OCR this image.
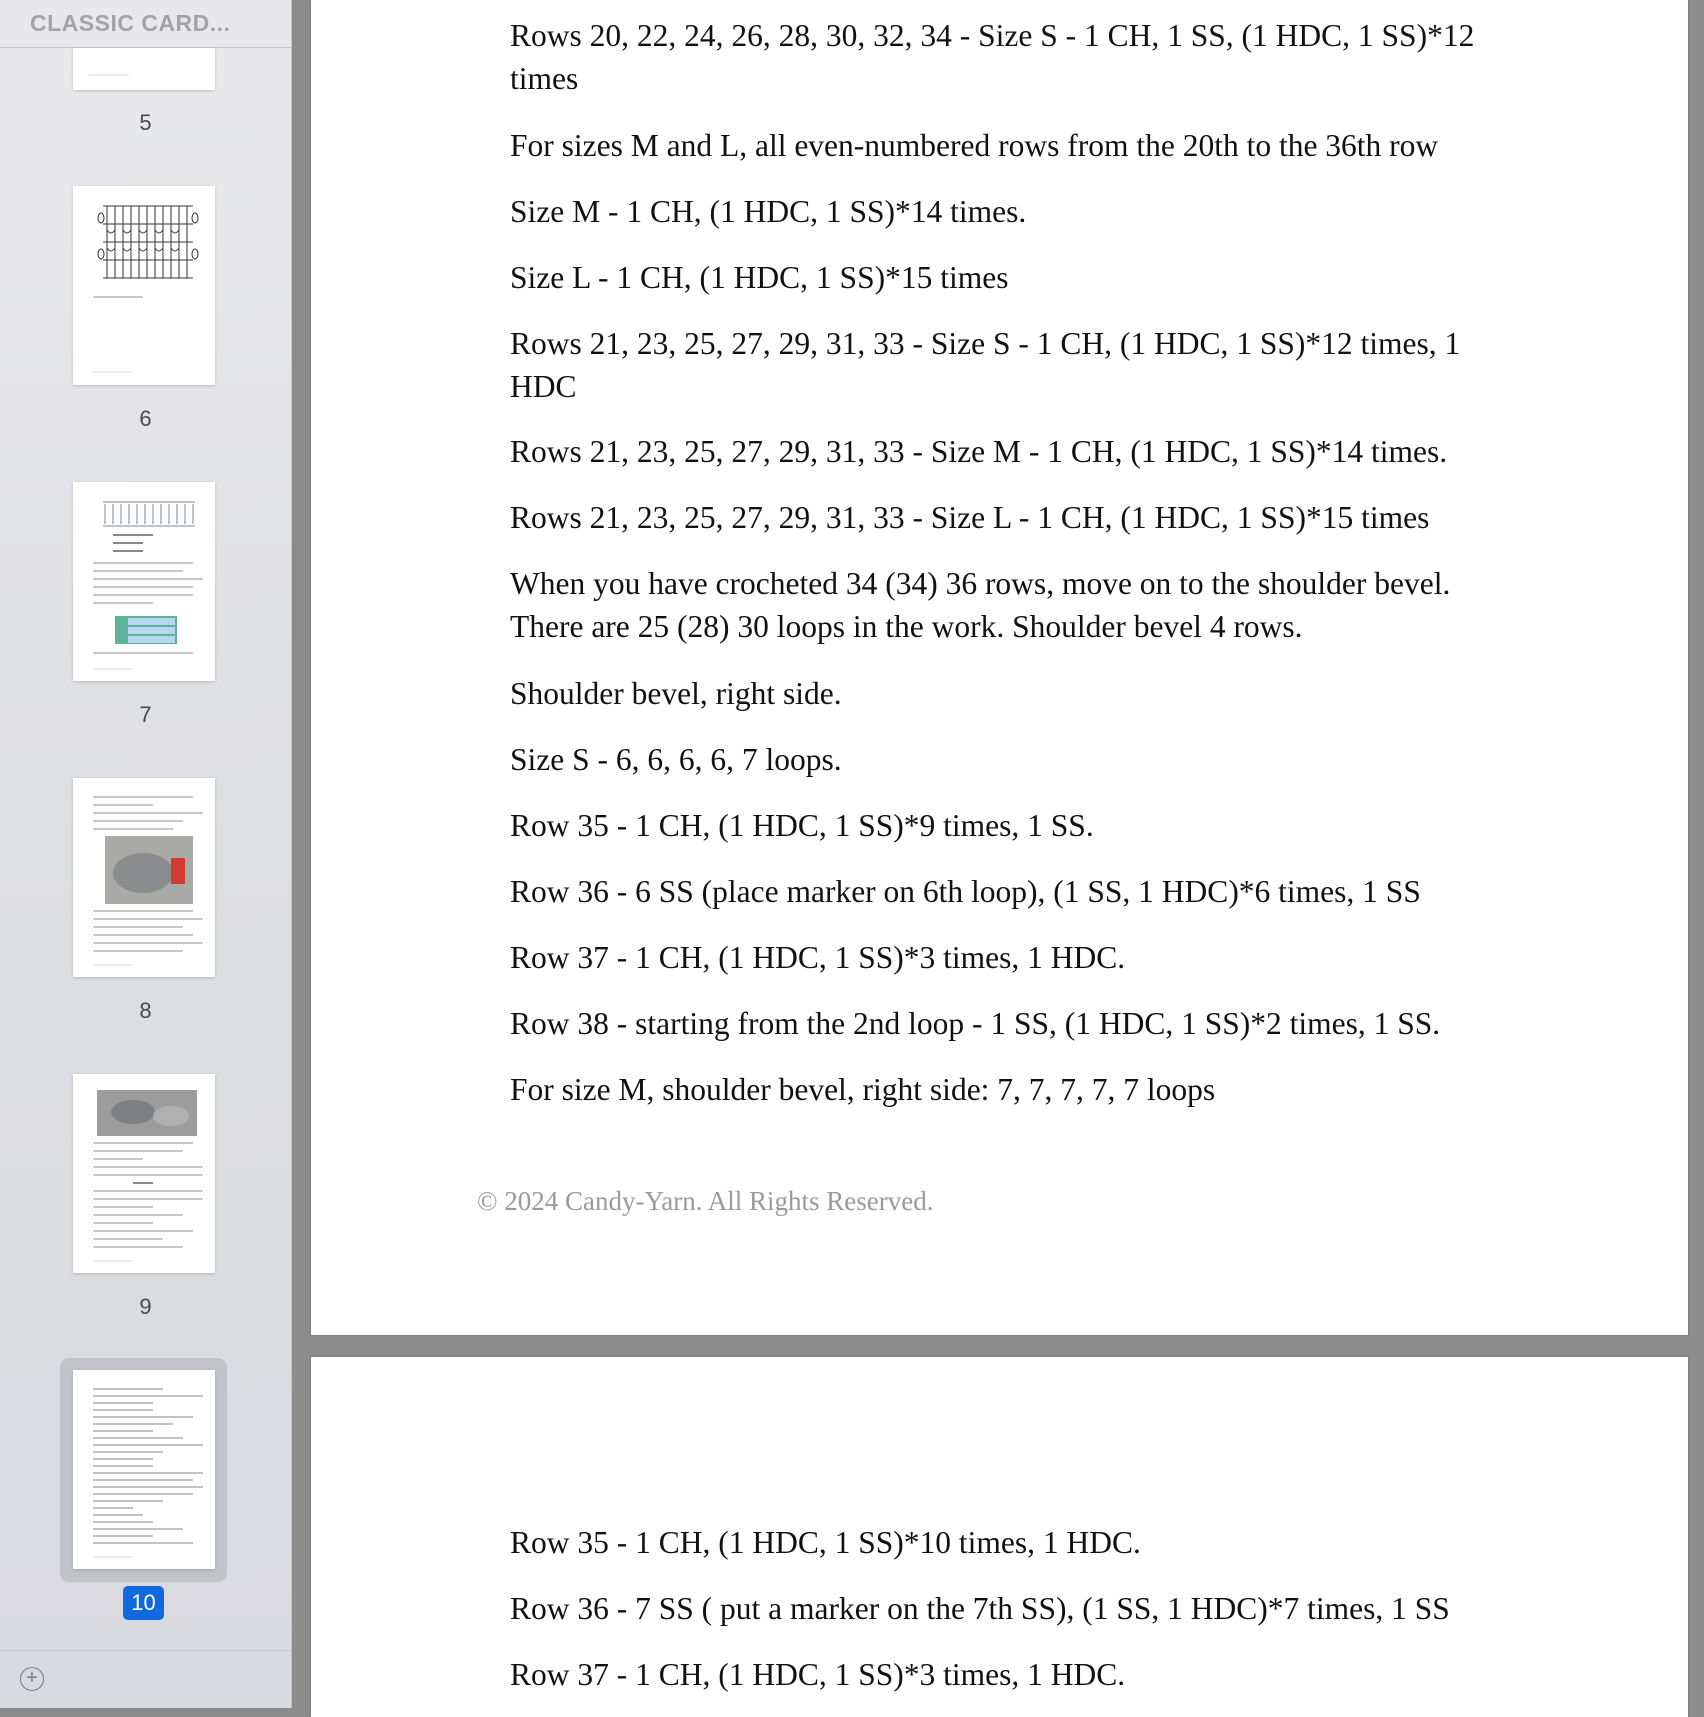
CLASSIC CARD...
5
6
7
8
9
10
+
Rows 20, 22, 24, 26, 28, 30, 32, 34 - Size S - 1 CH, 1 SS, (1 HDC, 1 SS)*12 times
For sizes M and L, all even-numbered rows from the 20th to the 36th row
Size M - 1 CH, (1 HDC, 1 SS)*14 times.
Size L - 1 CH, (1 HDC, 1 SS)*15 times
Rows 21, 23, 25, 27, 29, 31, 33 - Size S - 1 CH, (1 HDC, 1 SS)*12 times, 1 HDC
Rows 21, 23, 25, 27, 29, 31, 33 - Size M - 1 CH, (1 HDC, 1 SS)*14 times.
Rows 21, 23, 25, 27, 29, 31, 33 - Size L - 1 CH, (1 HDC, 1 SS)*15 times
When you have crocheted 34 (34) 36 rows, move on to the shoulder bevel. There are 25 (28) 30 loops in the work. Shoulder bevel 4 rows.
Shoulder bevel, right side.
Size S - 6, 6, 6, 6, 7 loops.
Row 35 - 1 CH, (1 HDC, 1 SS)*9 times, 1 SS.
Row 36 - 6 SS (place marker on 6th loop), (1 SS, 1 HDC)*6 times, 1 SS
Row 37 - 1 CH, (1 HDC, 1 SS)*3 times, 1 HDC.
Row 38 - starting from the 2nd loop - 1 SS, (1 HDC, 1 SS)*2 times, 1 SS.
For size M, shoulder bevel, right side: 7, 7, 7, 7, 7 loops
© 2024 Candy-Yarn. All Rights Reserved.
Row 35 - 1 CH, (1 HDC, 1 SS)*10 times, 1 HDC.
Row 36 - 7 SS ( put a marker on the 7th SS), (1 SS, 1 HDC)*7 times, 1 SS
Row 37 - 1 CH, (1 HDC, 1 SS)*3 times, 1 HDC.
